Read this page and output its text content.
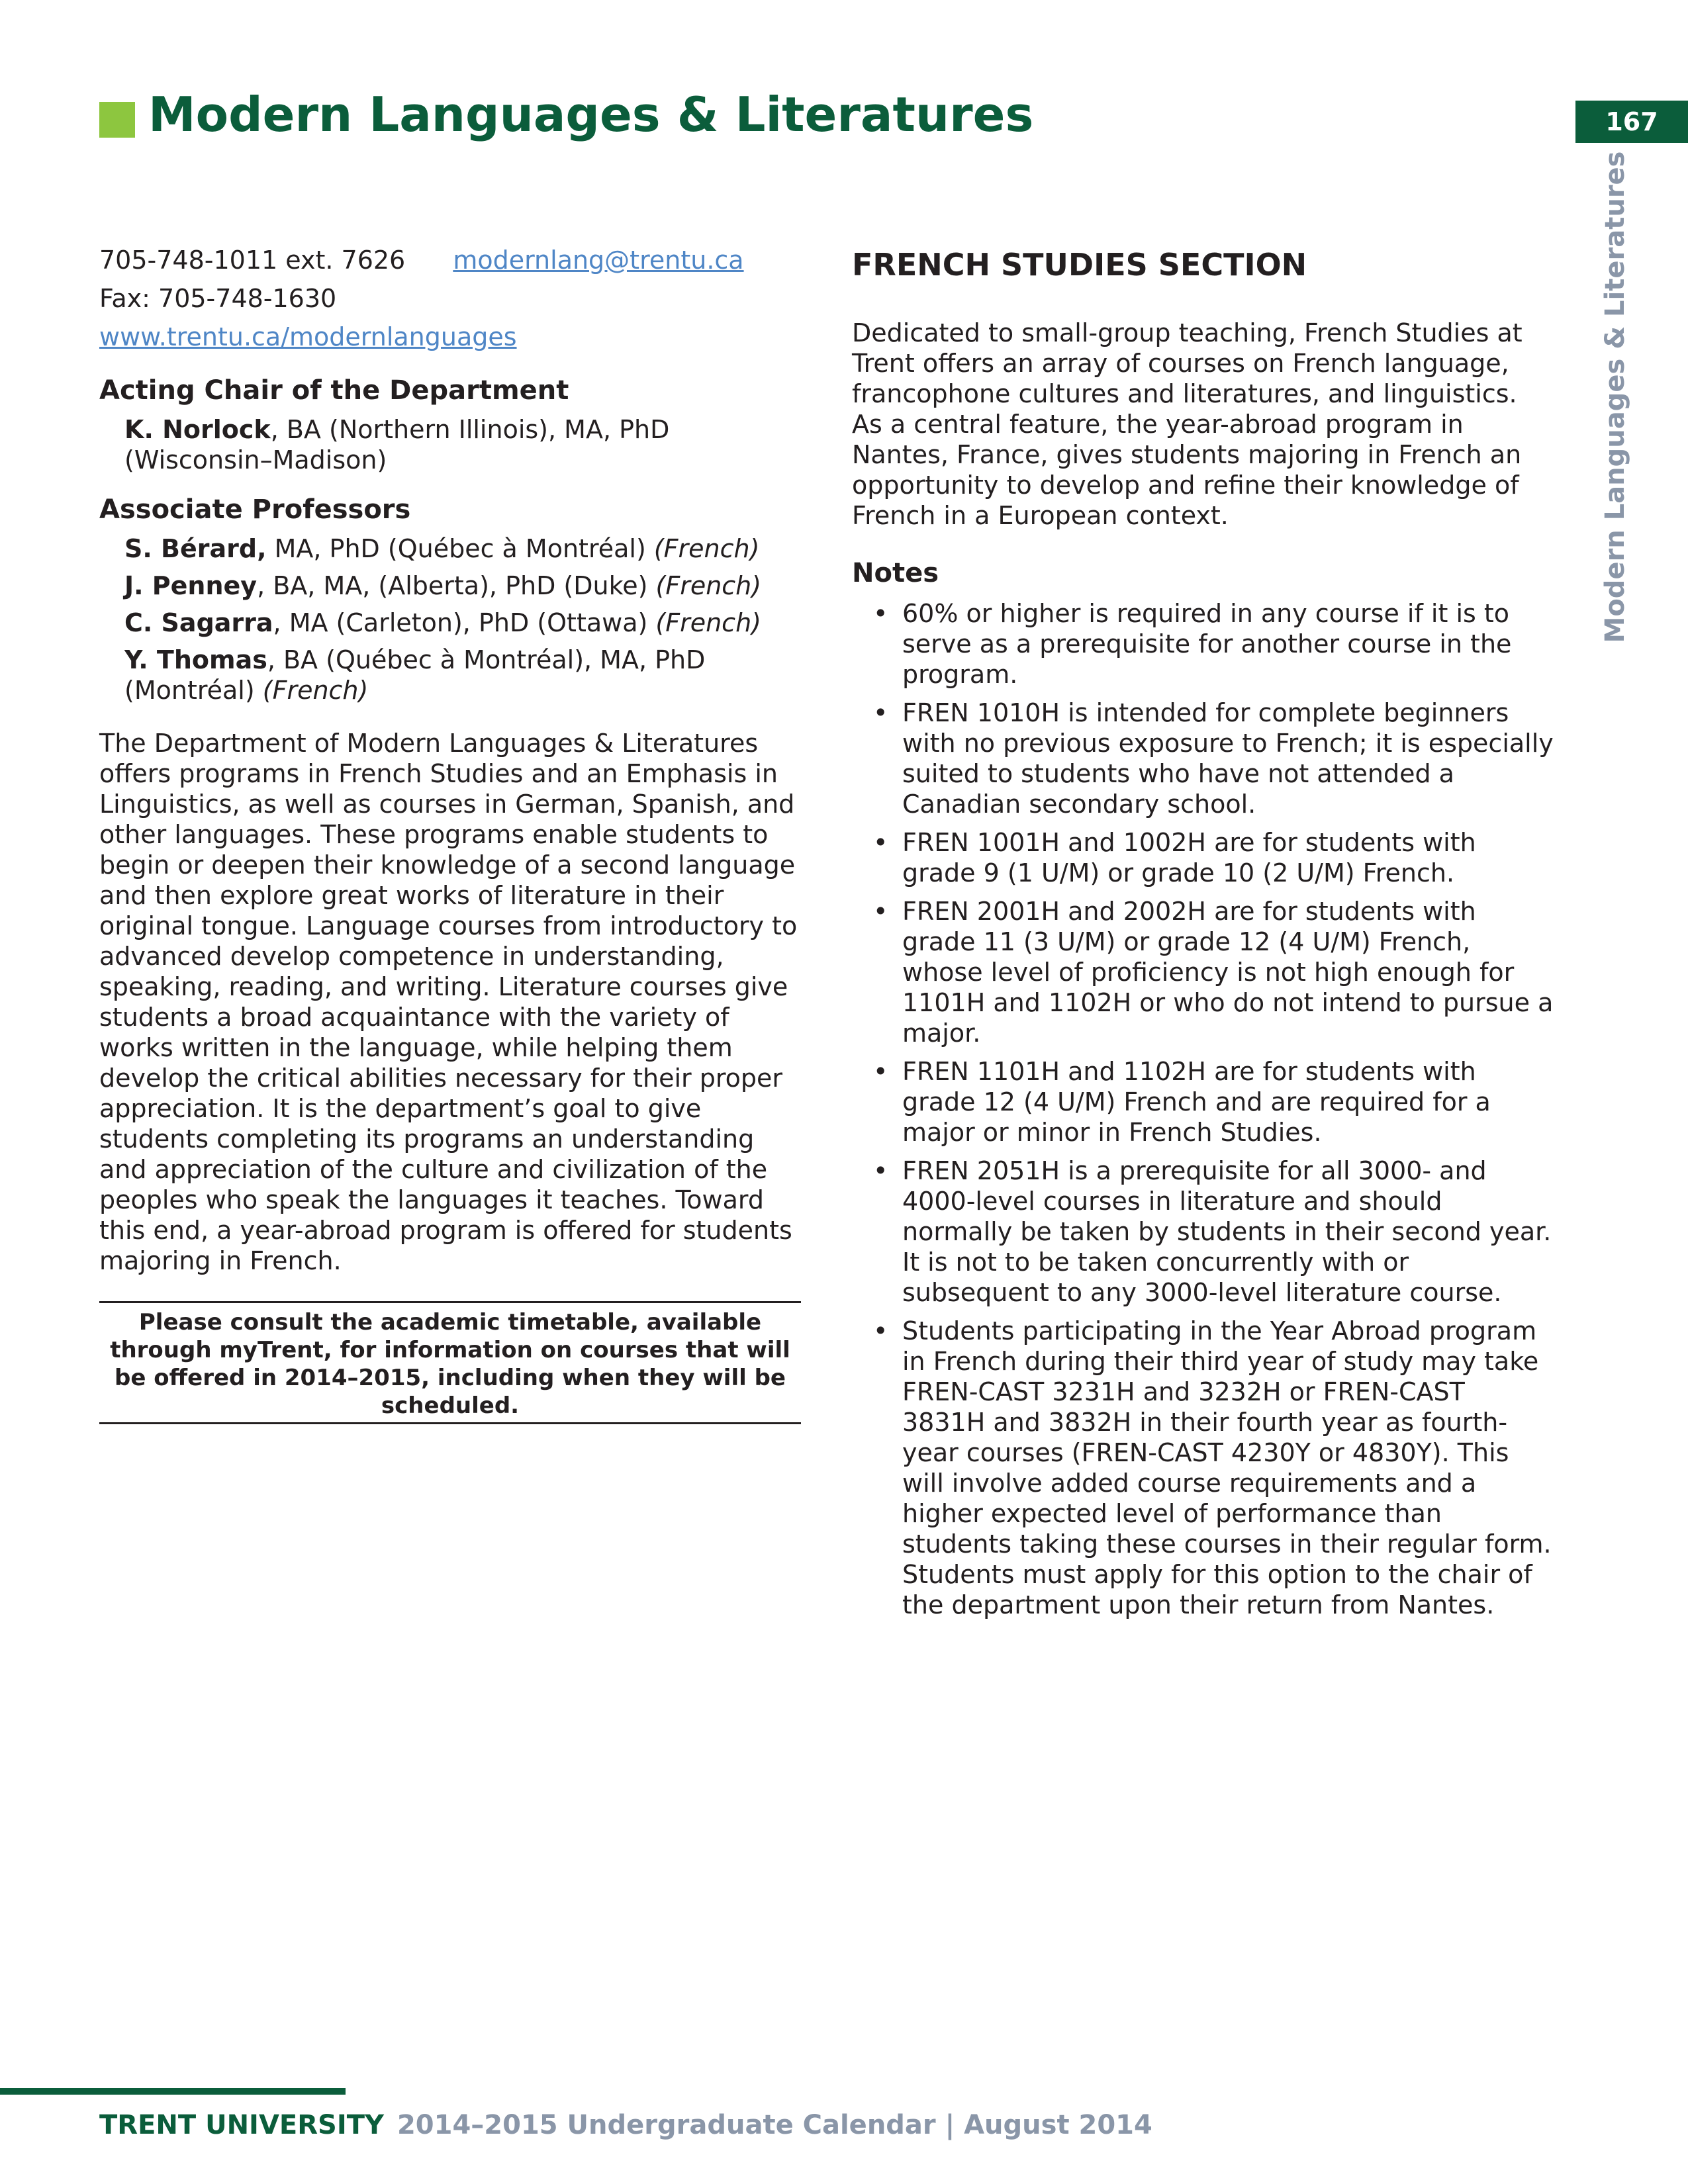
Modern Languages & Literatures	167
Modern Languages & Literatures
705-748-1011 ext. 7626 modernlang@trentu.ca
Fax: 705-748-1630
www.trentu.ca/modernlanguages
Acting Chair of the Department
K. Norlock, BA (Northern Illinois), MA, PhD (Wisconsin–Madison)
Associate Professors
S. Bérard, MA, PhD (Québec à Montréal) (French)
J. Penney, BA, MA, (Alberta), PhD (Duke) (French)
C. Sagarra, MA (Carleton), PhD (Ottawa) (French)
Y. Thomas, BA (Québec à Montréal), MA, PhD (Montréal) (French)

The Department of Modern Languages & Literatures offers programs in French Studies and an Emphasis in Linguistics, as well as courses in German, Spanish, and other languages. These programs enable students to begin or deepen their knowledge of a second language and then explore great works of literature in their original tongue. Language courses from introductory to advanced develop competence in understanding, speaking, reading, and writing. Literature courses give students a broad acquaintance with the variety of works written in the language, while helping them develop the critical abilities necessary for their proper appreciation. It is the department’s goal to give students completing its programs an understanding and appreciation of the culture and civilization of the peoples who speak the languages it teaches. Toward this end, a year-abroad program is offered for students majoring in French.

Please consult the academic timetable, available through myTrent, for information on courses that will be offered in 2014–2015, including when they will be scheduled.
FRENCH STUDIES SECTION

Dedicated to small-group teaching, French Studies at Trent offers an array of courses on French language, francophone cultures and literatures, and linguistics. As a central feature, the year-abroad program in Nantes, France, gives students majoring in French an opportunity to develop and refine their knowledge of French in a European context.

Notes
• 60% or higher is required in any course if it is to serve as a prerequisite for another course in the program.
• FREN 1010H is intended for complete beginners with no previous exposure to French; it is especially suited to students who have not attended a Canadian secondary school.
• FREN 1001H and 1002H are for students with grade 9 (1 U/M) or grade 10 (2 U/M) French.
• FREN 2001H and 2002H are for students with grade 11 (3 U/M) or grade 12 (4 U/M) French, whose level of proficiency is not high enough for 1101H and 1102H or who do not intend to pursue a major.
• FREN 1101H and 1102H are for students with grade 12 (4 U/M) French and are required for a major or minor in French Studies.
• FREN 2051H is a prerequisite for all 3000- and 4000-level courses in literature and should normally be taken by students in their second year. It is not to be taken concurrently with or subsequent to any 3000-level literature course.
• Students participating in the Year Abroad program in French during their third year of study may take FREN-CAST 3231H and 3232H or FREN-CAST 3831H and 3832H in their fourth year as fourth-year courses (FREN-CAST 4230Y or 4830Y). This will involve added course requirements and a higher expected level of performance than students taking these courses in their regular form. Students must apply for this option to the chair of the department upon their return from Nantes.
TRENT UNIVERSITY 2014–2015 Undergraduate Calendar | August 2014
